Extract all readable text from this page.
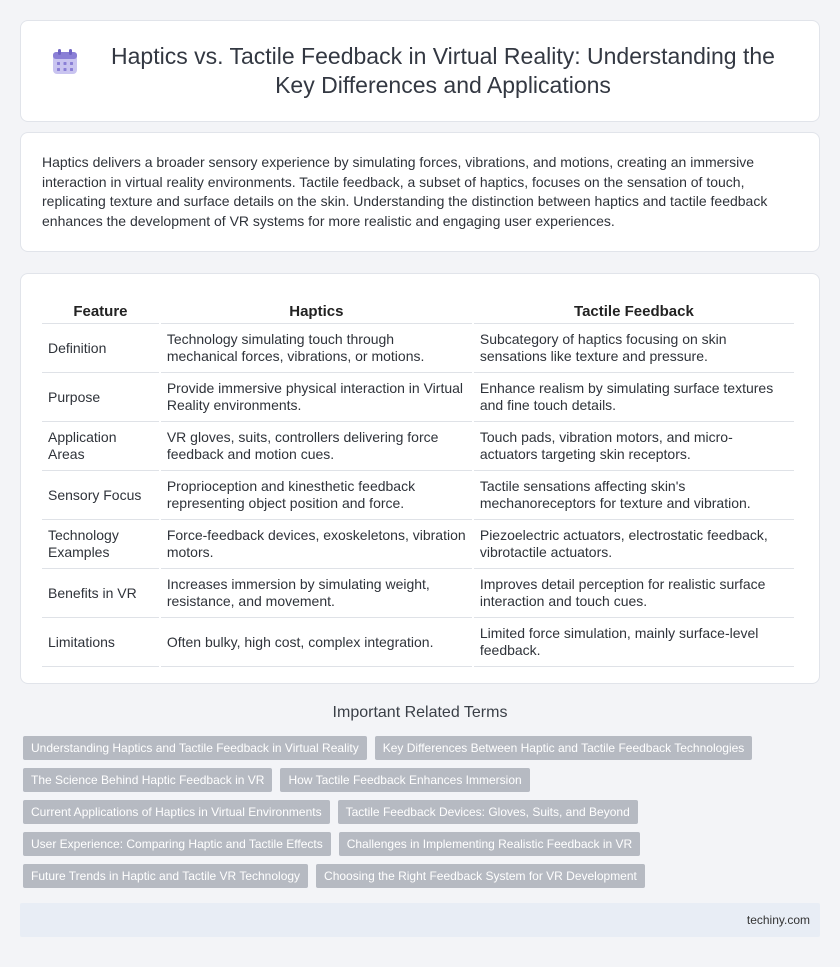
Haptics vs. Tactile Feedback in Virtual Reality: Understanding the Key Differences and Applications

Haptics delivers a broader sensory experience by simulating forces, vibrations, and motions, creating an immersive interaction in virtual reality environments. Tactile feedback, a subset of haptics, focuses on the sensation of touch, replicating texture and surface details on the skin. Understanding the distinction between haptics and tactile feedback enhances the development of VR systems for more realistic and engaging user experiences.

Feature	Haptics	Tactile Feedback
Definition	Technology simulating touch through mechanical forces, vibrations, or motions.	Subcategory of haptics focusing on skin sensations like texture and pressure.
Purpose	Provide immersive physical interaction in Virtual Reality environments.	Enhance realism by simulating surface textures and fine touch details.
Application Areas	VR gloves, suits, controllers delivering force feedback and motion cues.	Touch pads, vibration motors, and micro-actuators targeting skin receptors.
Sensory Focus	Proprioception and kinesthetic feedback representing object position and force.	Tactile sensations affecting skin's mechanoreceptors for texture and vibration.
Technology Examples	Force-feedback devices, exoskeletons, vibration motors.	Piezoelectric actuators, electrostatic feedback, vibrotactile actuators.
Benefits in VR	Increases immersion by simulating weight, resistance, and movement.	Improves detail perception for realistic surface interaction and touch cues.
Limitations	Often bulky, high cost, complex integration.	Limited force simulation, mainly surface-level feedback.
Important Related Terms
Understanding Haptics and Tactile Feedback in Virtual Reality	Key Differences Between Haptic and Tactile Feedback Technologies
The Science Behind Haptic Feedback in VR	How Tactile Feedback Enhances Immersion
Current Applications of Haptics in Virtual Environments	Tactile Feedback Devices: Gloves, Suits, and Beyond
User Experience: Comparing Haptic and Tactile Effects	Challenges in Implementing Realistic Feedback in VR
Future Trends in Haptic and Tactile VR Technology	Choosing the Right Feedback System for VR Development
techiny.com
